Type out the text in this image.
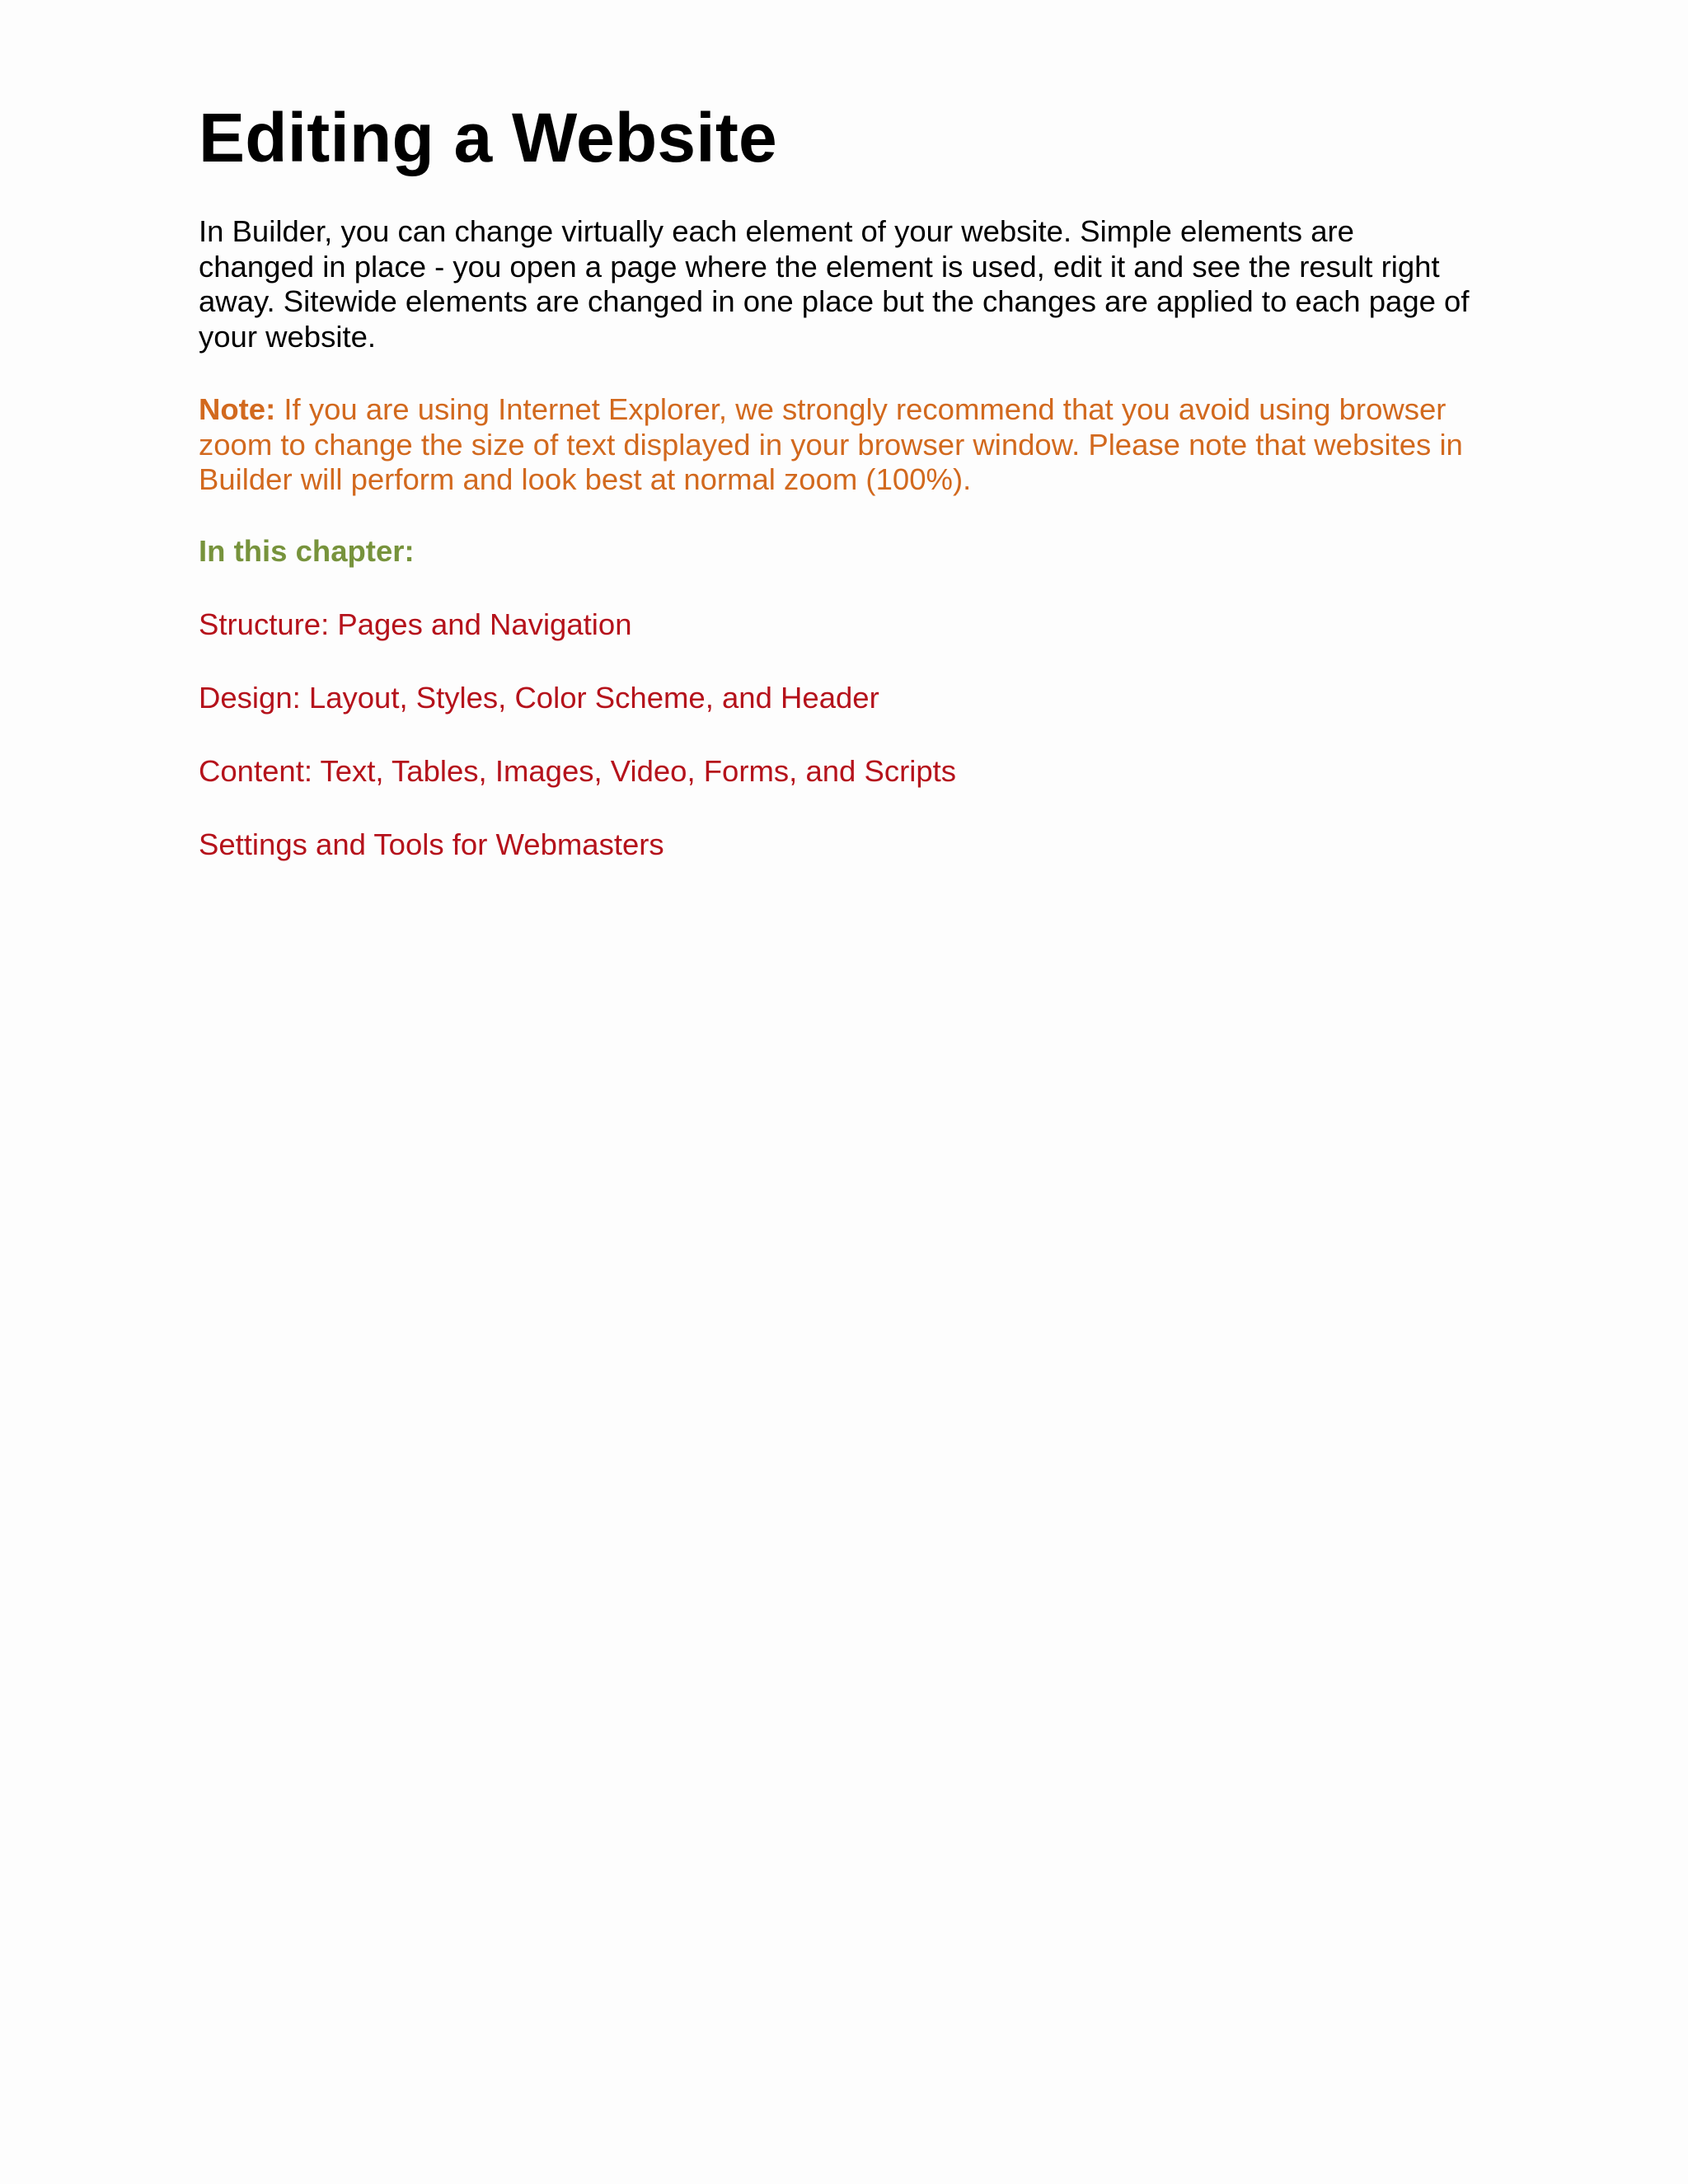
Editing a Website
In Builder, you can change virtually each element of your website. Simple elements are
changed in place - you open a page where the element is used, edit it and see the result right
away. Sitewide elements are changed in one place but the changes are applied to each page of
your website.
Note: If you are using Internet Explorer, we strongly recommend that you avoid using browser
zoom to change the size of text displayed in your browser window. Please note that websites in
Builder will perform and look best at normal zoom (100%).
In this chapter:
Structure: Pages and Navigation
Design: Layout, Styles, Color Scheme, and Header
Content: Text, Tables, Images, Video, Forms, and Scripts
Settings and Tools for Webmasters
